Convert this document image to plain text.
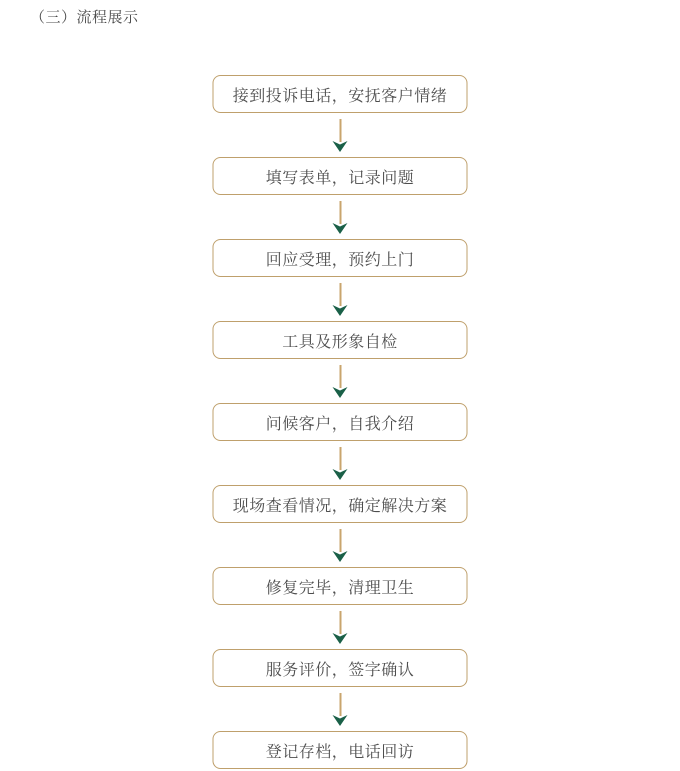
（三）流程展示
接到投诉电话，安抚客户情绪
填写表单，记录问题
回应受理，预约上门
工具及形象自检
问候客户，自我介绍
现场查看情况，确定解决方案
修复完毕，清理卫生
服务评价，签字确认
登记存档，电话回访
